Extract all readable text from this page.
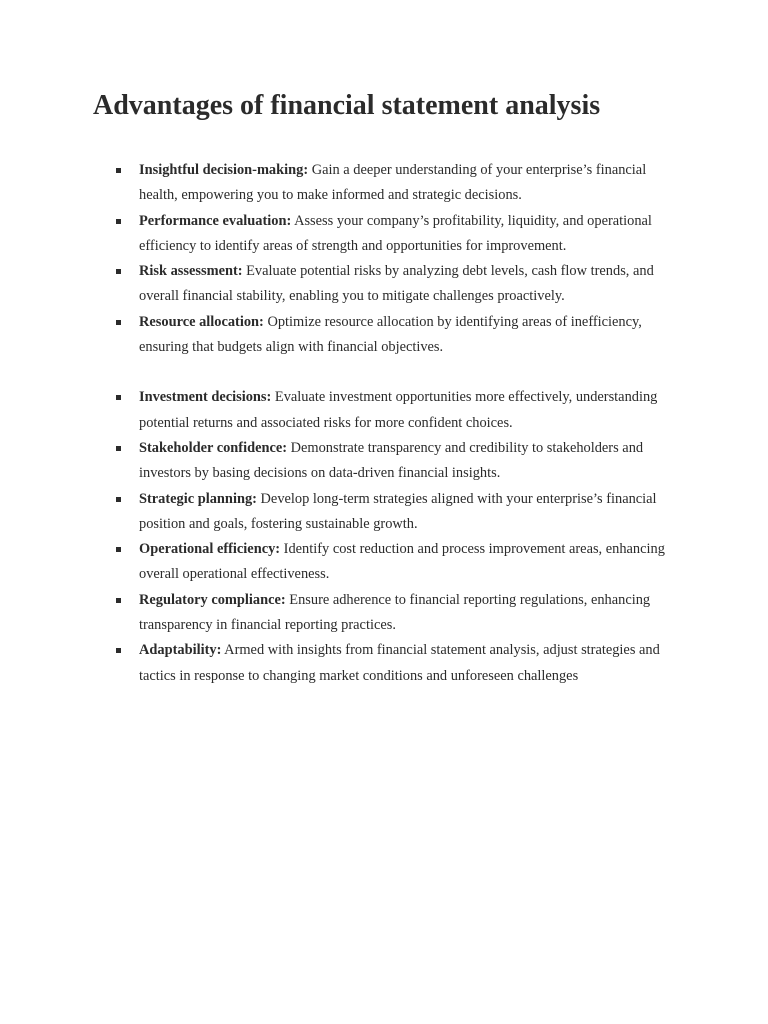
Advantages of financial statement analysis
Insightful decision-making: Gain a deeper understanding of your enterprise’s financial health, empowering you to make informed and strategic decisions.
Performance evaluation: Assess your company’s profitability, liquidity, and operational efficiency to identify areas of strength and opportunities for improvement.
Risk assessment: Evaluate potential risks by analyzing debt levels, cash flow trends, and overall financial stability, enabling you to mitigate challenges proactively.
Resource allocation: Optimize resource allocation by identifying areas of inefficiency, ensuring that budgets align with financial objectives.
Investment decisions: Evaluate investment opportunities more effectively, understanding potential returns and associated risks for more confident choices.
Stakeholder confidence: Demonstrate transparency and credibility to stakeholders and investors by basing decisions on data-driven financial insights.
Strategic planning: Develop long-term strategies aligned with your enterprise’s financial position and goals, fostering sustainable growth.
Operational efficiency: Identify cost reduction and process improvement areas, enhancing overall operational effectiveness.
Regulatory compliance: Ensure adherence to financial reporting regulations, enhancing transparency in financial reporting practices.
Adaptability: Armed with insights from financial statement analysis, adjust strategies and tactics in response to changing market conditions and unforeseen challenges
